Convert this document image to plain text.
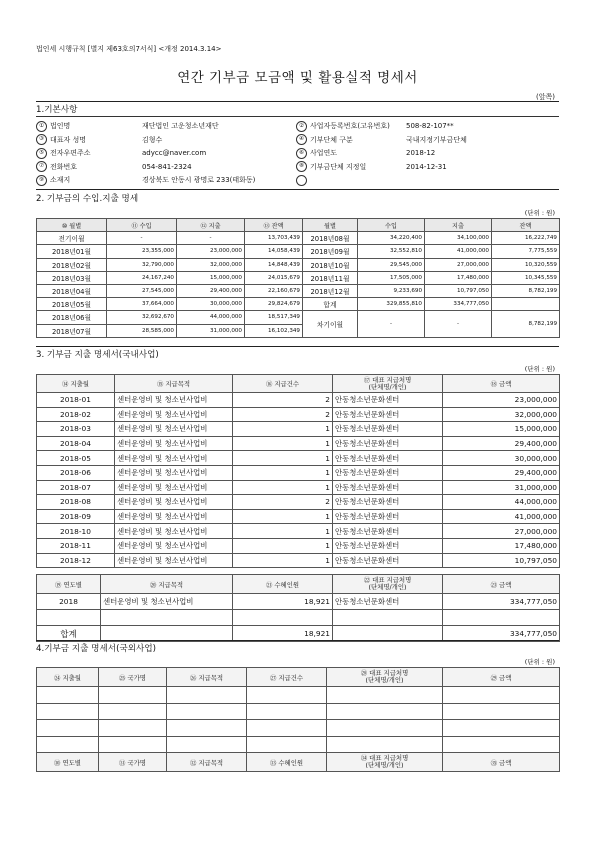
법인세 시행규칙 [별지 제63호의7서식] <개정 2014.3.14>
연간 기부금 모금액 및 활용실적 명세서
(앞쪽)
1.기본사항
① 법인명	재단법인 고운청소년재단	② 사업자등록번호(고유번호) 508-82-107**
③ 대표자 성명	김형수	④ 기부단체 구분	국내지정기부금단체
⑤ 전자우편주소	adycc@naver.com	⑥ 사업연도	2018-12
⑦ 전화번호	054-841-2324	⑧ 기부금단체 지정일	2014-12-31
⑨ 소재지	경상북도 안동시 광명로 233(태화동)
2. 기부금의 수입.지출 명세
(단위 : 원)
⑩ 월별	⑪ 수입	⑫ 지출	⑬ 잔액	월별	수입	지출	잔액
전기이월	-	-	13,703,439	2018년08월	34,220,400	34,100,000	16,222,749
2018년01월	23,355,000	23,000,000	14,058,439	2018년09월	32,552,810	41,000,000	7,775,559
2018년02월	32,790,000	32,000,000	14,848,439	2018년10월	29,545,000	27,000,000	10,320,559
2018년03월	24,167,240	15,000,000	24,015,679	2018년11월	17,505,000	17,480,000	10,345,559
2018년04월	27,545,000	29,400,000	22,160,679	2018년12월	9,233,690	10,797,050	8,782,199
2018년05월	37,664,000	30,000,000	29,824,679	합계	329,855,810	334,777,050	
2018년06월	32,692,670	44,000,000	18,517,349	차기이월	-	-	8,782,199
2018년07월	28,585,000	31,000,000	16,102,349				
3. 기부금 지출 명세서(국내사업)
(단위 : 원)
⑭ 지출월	⑮ 지급목적	⑯ 지급건수	⑰ 대표 지급처명
(단체명/개인)	⑱ 금액
2018-01	센터운영비 및 청소년사업비	2	안동청소년문화센터	23,000,000
2018-02	센터운영비 및 청소년사업비	2	안동청소년문화센터	32,000,000
2018-03	센터운영비 및 청소년사업비	1	안동청소년문화센터	15,000,000
2018-04	센터운영비 및 청소년사업비	1	안동청소년문화센터	29,400,000
2018-05	센터운영비 및 청소년사업비	1	안동청소년문화센터	30,000,000
2018-06	센터운영비 및 청소년사업비	1	안동청소년문화센터	29,400,000
2018-07	센터운영비 및 청소년사업비	1	안동청소년문화센터	31,000,000
2018-08	센터운영비 및 청소년사업비	2	안동청소년문화센터	44,000,000
2018-09	센터운영비 및 청소년사업비	1	안동청소년문화센터	41,000,000
2018-10	센터운영비 및 청소년사업비	1	안동청소년문화센터	27,000,000
2018-11	센터운영비 및 청소년사업비	1	안동청소년문화센터	17,480,000
2018-12	센터운영비 및 청소년사업비	1	안동청소년문화센터	10,797,050
⑲ 연도별	⑳ 지급목적	㉑ 수혜인원	㉒ 대표 지급처명
(단체명/개인)	㉓ 금액
2018	센터운영비 및 청소년사업비	18,921	안동청소년문화센터	334,777,050

합계		18,921		334,777,050
4.기부금 지출 명세서(국외사업)
(단위 : 원)
㉔ 지출월	㉕ 국가명	㉖ 지급목적	㉗ 지급건수	㉘ 대표 지급처명
(단체명/개인)	㉙ 금액

㉚ 연도별	㉛ 국가명	㉜ 지급목적	㉝ 수혜인원	㉞ 대표 지급처명
(단체명/개인)	㉟ 금액
